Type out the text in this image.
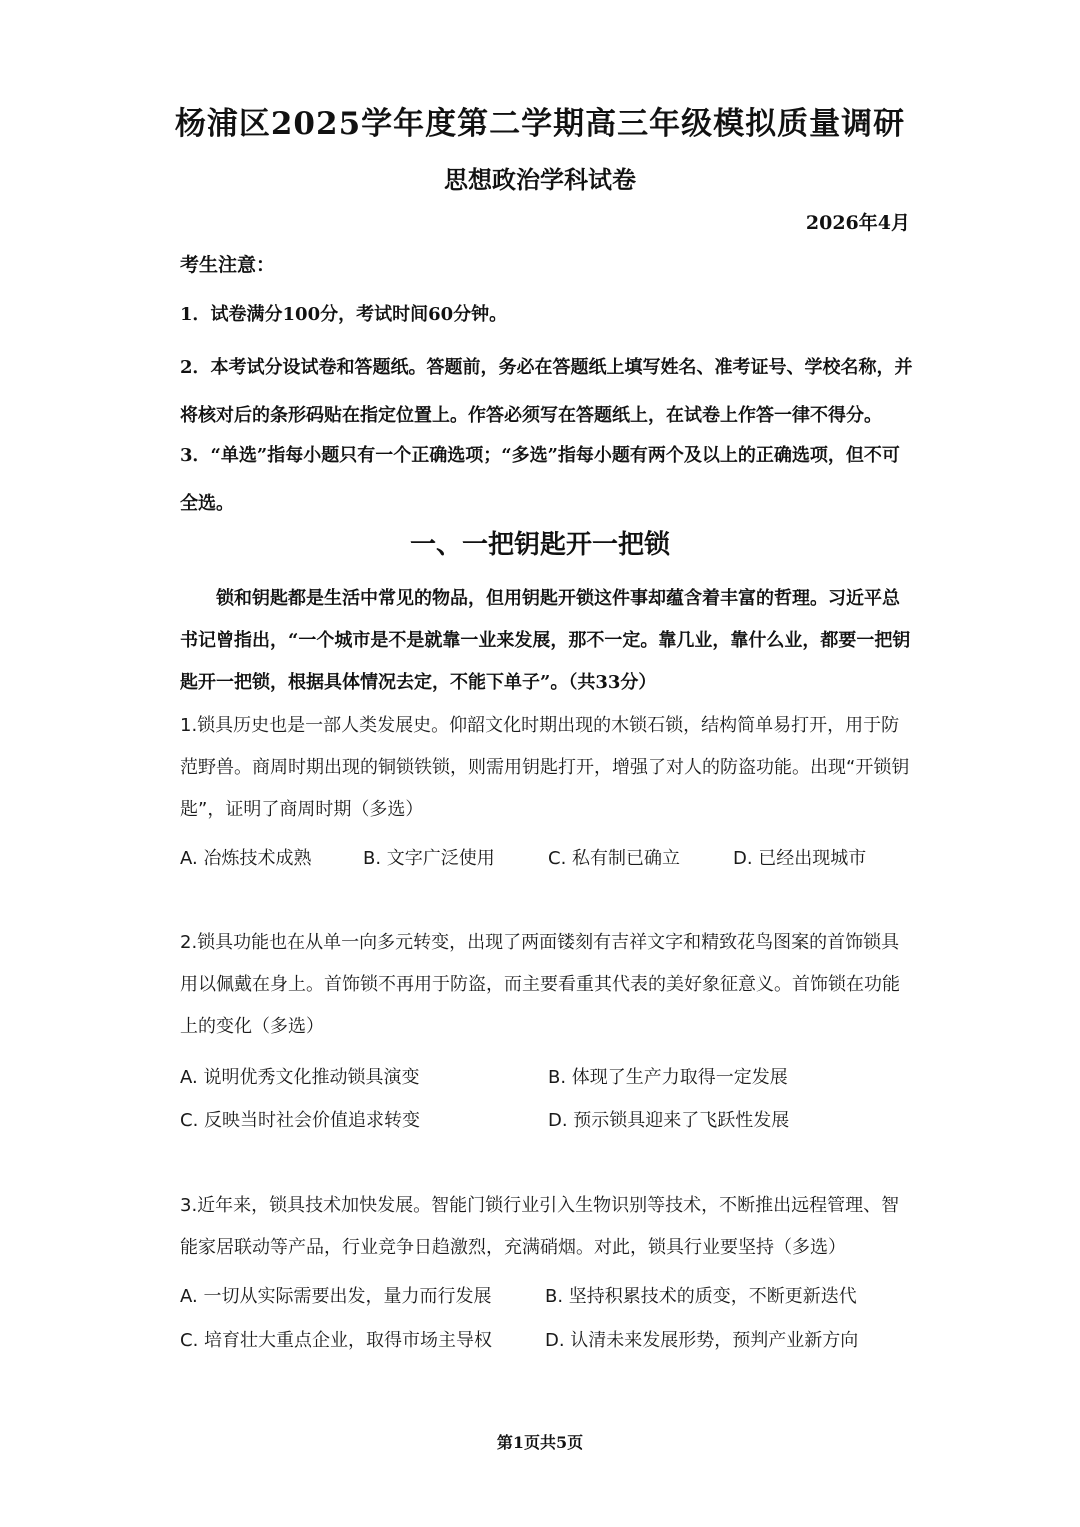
杨浦区2025学年度第二学期高三年级模拟质量调研
思想政治学科试卷
2026年4月
考生注意：
1．试卷满分100分，考试时间60分钟。
2．本考试分设试卷和答题纸。答题前，务必在答题纸上填写姓名、准考证号、学校名称，并将核对后的条形码贴在指定位置上。作答必须写在答题纸上，在试卷上作答一律不得分。
3．“单选”指每小题只有一个正确选项；“多选”指每小题有两个及以上的正确选项，但不可全选。
一、一把钥匙开一把锁
锁和钥匙都是生活中常见的物品，但用钥匙开锁这件事却蕴含着丰富的哲理。习近平总书记曾指出，“一个城市是不是就靠一业来发展，那不一定。靠几业，靠什么业，都要一把钥匙开一把锁，根据具体情况去定，不能下单子”。（共33分）
1.锁具历史也是一部人类发展史。仰韶文化时期出现的木锁石锁，结构简单易打开，用于防范野兽。商周时期出现的铜锁铁锁，则需用钥匙打开，增强了对人的防盗功能。出现“开锁钥匙”，证明了商周时期（多选）
A. 冶炼技术成熟	B. 文字广泛使用	C. 私有制已确立	D. 已经出现城市
2.锁具功能也在从单一向多元转变，出现了两面镂刻有吉祥文字和精致花鸟图案的首饰锁具用以佩戴在身上。首饰锁不再用于防盗，而主要看重其代表的美好象征意义。首饰锁在功能上的变化（多选）
A. 说明优秀文化推动锁具演变	B. 体现了生产力取得一定发展
C. 反映当时社会价值追求转变	D. 预示锁具迎来了飞跃性发展
3.近年来，锁具技术加快发展。智能门锁行业引入生物识别等技术，不断推出远程管理、智能家居联动等产品，行业竞争日趋激烈，充满硝烟。对此，锁具行业要坚持（多选）
A. 一切从实际需要出发，量力而行发展	B. 坚持积累技术的质变，不断更新迭代
C. 培育壮大重点企业，取得市场主导权	D. 认清未来发展形势，预判产业新方向
第1页共5页
